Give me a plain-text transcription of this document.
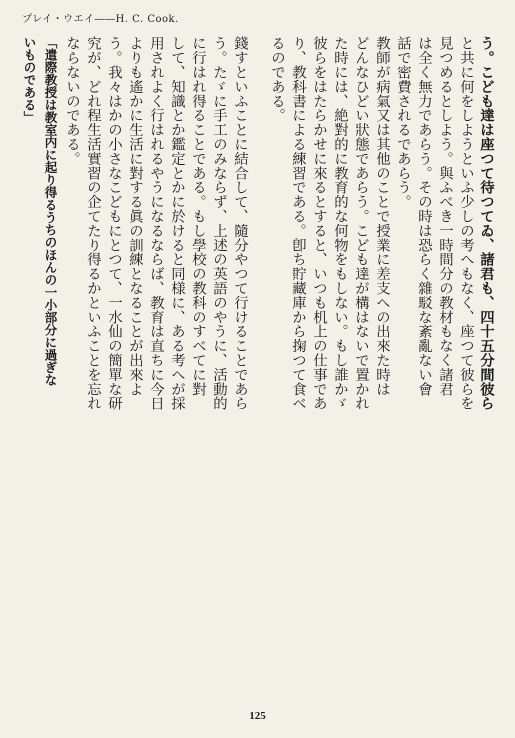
プレイ・ウエイ――H. C. Cook.
錢すといふことに結合して、隨分やつて行けることであら
う。たゞに手工のみならず、上述の英語のやうに、活動的
に行はれ得ることである。もし學校の教科のすべてに對
して、知識とか鑑定とかに於けると同様に、ある考へが採
用されよく行はれるやうになるならば、教育は直ちに今日
よりも遙かに生活に對する眞の訓練となることが出來よ
う。我々はかの小さなこどもにとつて、一水仙の簡單な研
究が、どれ程生活實習の企てたり得るかといふことを忘れ
ならないのである。
「遣際教授は教室内に起り得るうちのほんの一小部分に過ぎな
いものである」	う。こども達は座つて待つてゐ、諸君も、四十五分間彼ら
と共に何をしようといふ少しの考へもなく、座つて彼らを
見つめるとしよう。與ふべき一時間分の教材もなく諸君
は全く無力であらう。その時は恐らく雜駁な紊亂ない會
話で密費されるであらう。
教師が病氣又は其他のことで授業に差支への出來た時は
どんなひどい狀態であらう。こども達が構はないで置かれ
た時には、絶對的に教育的な何物をもしない。もし誰かゞ
彼らをはたらかせに來るとすると、いつも机上の仕事であ
り、教科書による練習である。卽ち貯藏庫から掬つて食べ
るのである。
125
